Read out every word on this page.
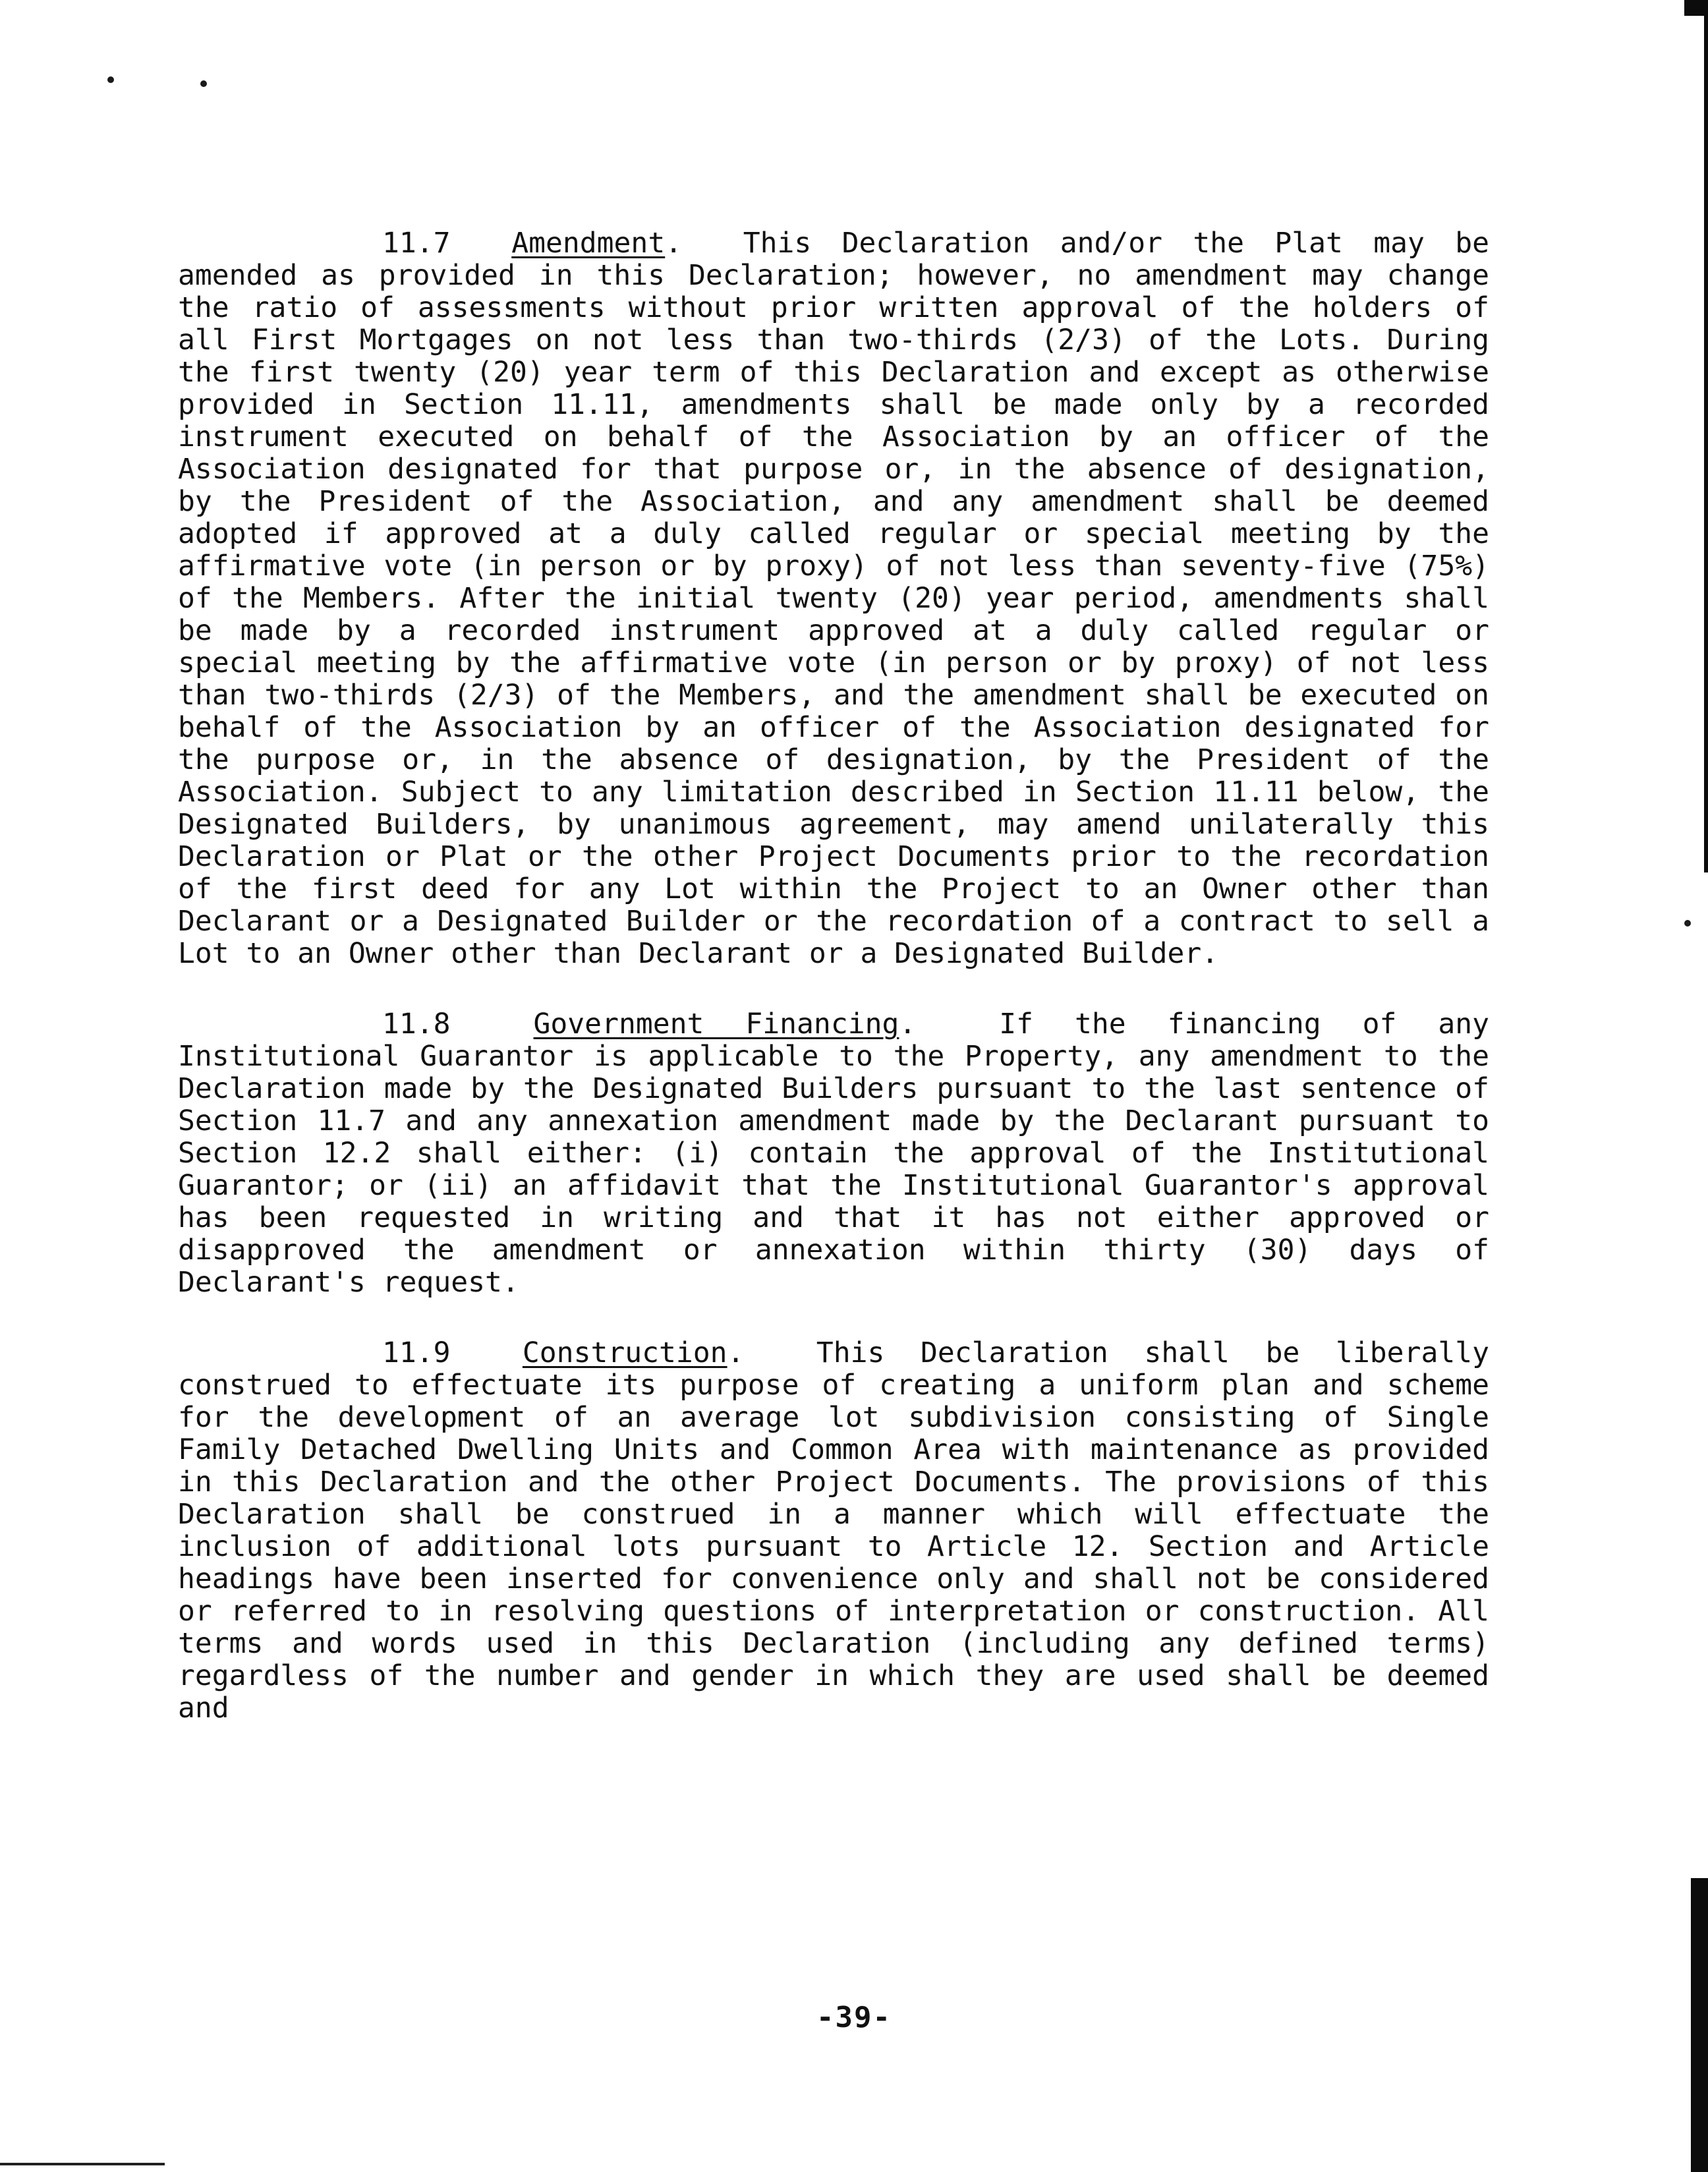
11.7 Amendment.  This Declaration and/or the Plat may be amended as provided in this Declaration; however, no amendment may change the ratio of assessments without prior written approval of the holders of all First Mortgages on not less than two-thirds (2/3) of the Lots. During the first twenty (20) year term of this Declaration and except as otherwise provided in Section 11.11, amendments shall be made only by a recorded instrument executed on behalf of the Association by an officer of the Association designated for that purpose or, in the absence of designation, by the President of the Association, and any amendment shall be deemed adopted if approved at a duly called regular or special meeting by the affirmative vote (in person or by proxy) of not less than seventy-five (75%) of the Members. After the initial twenty (20) year period, amendments shall be made by a recorded instrument approved at a duly called regular or special meeting by the affirmative vote (in person or by proxy) of not less than two-thirds (2/3) of the Members, and the amendment shall be executed on behalf of the Association by an officer of the Association designated for the purpose or, in the absence of designation, by the President of the Association. Subject to any limitation described in Section 11.11 below, the Designated Builders, by unanimous agreement, may amend unilaterally this Declaration or Plat or the other Project Documents prior to the recordation of the first deed for any Lot within the Project to an Owner other than Declarant or a Designated Builder or the recordation of a contract to sell a Lot to an Owner other than Declarant or a Designated Builder.

11.8	Government Financing.  If the financing of any Institutional Guarantor is applicable to the Property, any amendment to the Declaration made by the Designated Builders pursuant to the last sentence of Section 11.7 and any annexation amendment made by the Declarant pursuant to Section 12.2 shall either: (i) contain the approval of the Institutional Guarantor; or (ii) an affidavit that the Institutional Guarantor's approval has been requested in writing and that it has not either approved or disapproved the amendment or annexation within thirty (30) days of Declarant's request.

11.9	Construction.  This Declaration shall be liberally construed to effectuate its purpose of creating a uniform plan and scheme for the development of an average lot subdivision consisting of Single Family Detached Dwelling Units and Common Area with maintenance as provided in this Declaration and the other Project Documents. The provisions of this Declaration shall be construed in a manner which will effectuate the inclusion of additional lots pursuant to Article 12. Section and Article headings have been inserted for convenience only and shall not be considered or referred to in resolving questions of interpretation or construction. All terms and words used in this Declaration (including any defined terms) regardless of the number and gender in which they are used shall be deemed and

-39-
